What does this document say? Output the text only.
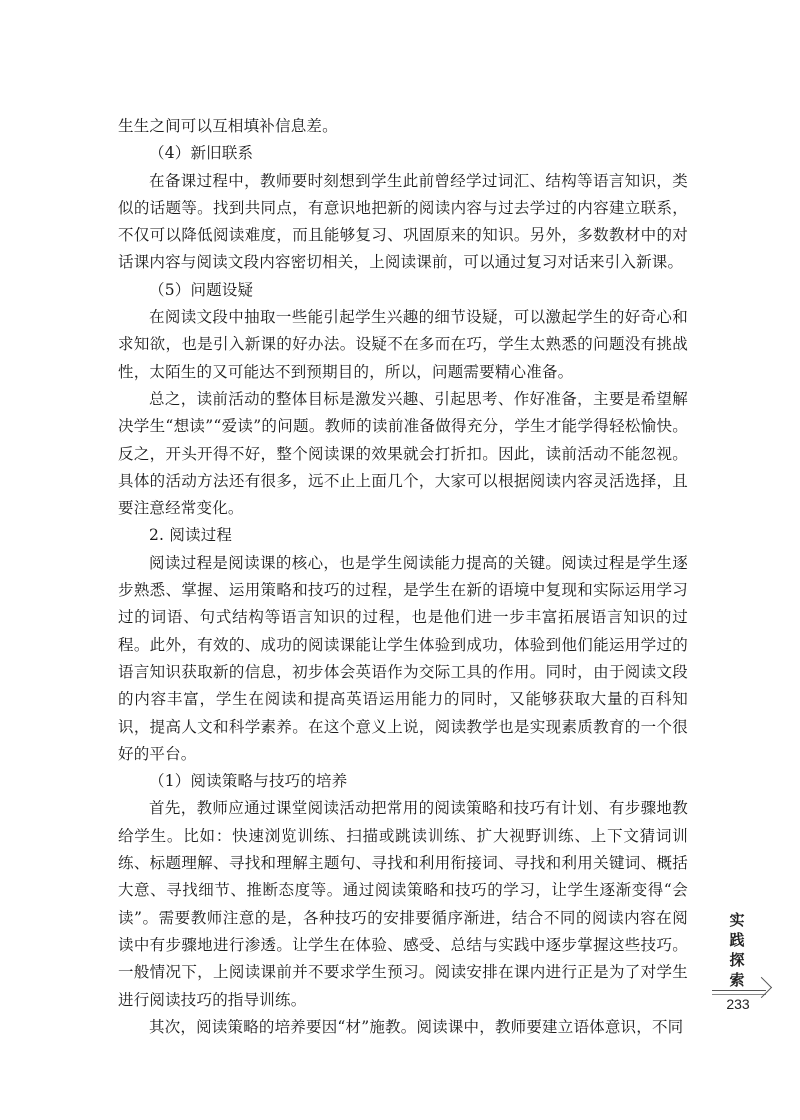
生生之间可以互相填补信息差。

（4）新旧联系

在备课过程中，教师要时刻想到学生此前曾经学过词汇、结构等语言知识，类似的话题等。找到共同点，有意识地把新的阅读内容与过去学过的内容建立联系，不仅可以降低阅读难度，而且能够复习、巩固原来的知识。另外，多数教材中的对话课内容与阅读文段内容密切相关，上阅读课前，可以通过复习对话来引入新课。

（5）问题设疑

在阅读文段中抽取一些能引起学生兴趣的细节设疑，可以激起学生的好奇心和求知欲，也是引入新课的好办法。设疑不在多而在巧，学生太熟悉的问题没有挑战性，太陌生的又可能达不到预期目的，所以，问题需要精心准备。

总之，读前活动的整体目标是激发兴趣、引起思考、作好准备，主要是希望解决学生“想读”“爱读”的问题。教师的读前准备做得充分，学生才能学得轻松愉快。反之，开头开得不好，整个阅读课的效果就会打折扣。因此，读前活动不能忽视。具体的活动方法还有很多，远不止上面几个，大家可以根据阅读内容灵活选择，且要注意经常变化。

2. 阅读过程

阅读过程是阅读课的核心，也是学生阅读能力提高的关键。阅读过程是学生逐步熟悉、掌握、运用策略和技巧的过程，是学生在新的语境中复现和实际运用学习过的词语、句式结构等语言知识的过程，也是他们进一步丰富拓展语言知识的过程。此外，有效的、成功的阅读课能让学生体验到成功，体验到他们能运用学过的语言知识获取新的信息，初步体会英语作为交际工具的作用。同时，由于阅读文段的内容丰富，学生在阅读和提高英语运用能力的同时，又能够获取大量的百科知识，提高人文和科学素养。在这个意义上说，阅读教学也是实现素质教育的一个很好的平台。

（1）阅读策略与技巧的培养

首先，教师应通过课堂阅读活动把常用的阅读策略和技巧有计划、有步骤地教给学生。比如：快速浏览训练、扫描或跳读训练、扩大视野训练、上下文猜词训练、标题理解、寻找和理解主题句、寻找和利用衔接词、寻找和利用关键词、概括大意、寻找细节、推断态度等。通过阅读策略和技巧的学习，让学生逐渐变得“会读”。需要教师注意的是，各种技巧的安排要循序渐进，结合不同的阅读内容在阅读中有步骤地进行渗透。让学生在体验、感受、总结与实践中逐步掌握这些技巧。一般情况下，上阅读课前并不要求学生预习。阅读安排在课内进行正是为了对学生进行阅读技巧的指导训练。

其次，阅读策略的培养要因“材”施教。阅读课中，教师要建立语体意识，不同

实
践
探
索
233
